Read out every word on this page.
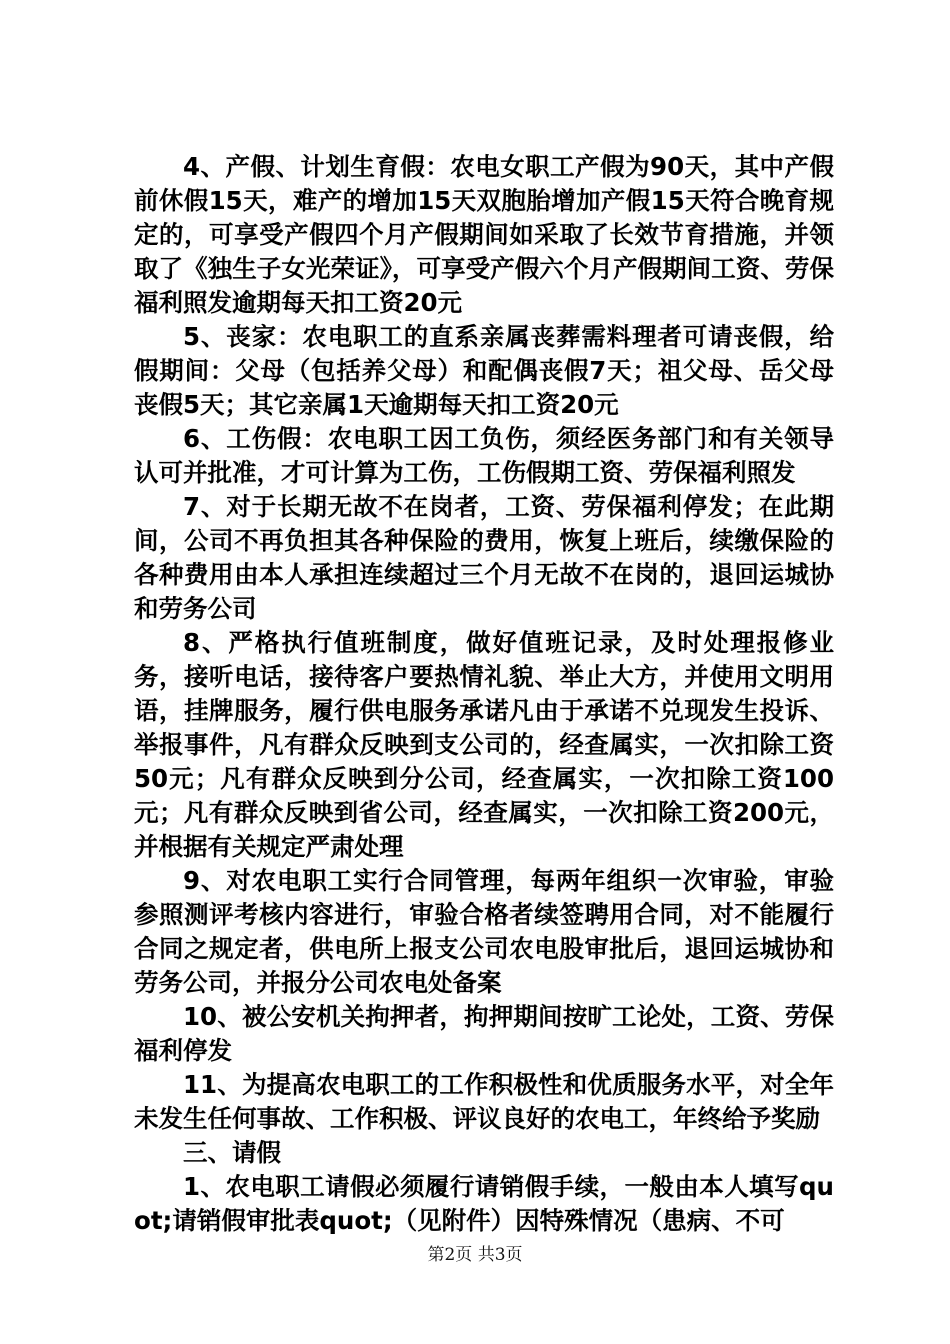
4、产假、计划生育假：农电女职工产假为90天，其中产假前休假15天，难产的增加15天双胞胎增加产假15天符合晚育规定的，可享受产假四个月产假期间如采取了长效节育措施，并领取了《独生子女光荣证》，可享受产假六个月产假期间工资、劳保福利照发逾期每天扣工资20元

5、丧家：农电职工的直系亲属丧葬需料理者可请丧假，给假期间：父母（包括养父母）和配偶丧假7天；祖父母、岳父母丧假5天；其它亲属1天逾期每天扣工资20元

6、工伤假：农电职工因工负伤，须经医务部门和有关领导认可并批准，才可计算为工伤，工伤假期工资、劳保福利照发

7、对于长期无故不在岗者，工资、劳保福利停发；在此期间，公司不再负担其各种保险的费用，恢复上班后，续缴保险的各种费用由本人承担连续超过三个月无故不在岗的，退回运城协和劳务公司

8、严格执行值班制度，做好值班记录，及时处理报修业务，接听电话，接待客户要热情礼貌、举止大方，并使用文明用语，挂牌服务，履行供电服务承诺凡由于承诺不兑现发生投诉、举报事件，凡有群众反映到支公司的，经查属实，一次扣除工资50元；凡有群众反映到分公司，经查属实，一次扣除工资100元；凡有群众反映到省公司，经查属实，一次扣除工资200元，并根据有关规定严肃处理

9、对农电职工实行合同管理，每两年组织一次审验，审验参照测评考核内容进行，审验合格者续签聘用合同，对不能履行合同之规定者，供电所上报支公司农电股审批后，退回运城协和劳务公司，并报分公司农电处备案

10、被公安机关拘押者，拘押期间按旷工论处，工资、劳保福利停发

11、为提高农电职工的工作积极性和优质服务水平，对全年未发生任何事故、工作积极、评议良好的农电工，年终给予奖励

三、请假

1、农电职工请假必须履行请销假手续，一般由本人填写quot;请销假审批表quot;（见附件）因特殊情况（患病、不可

第2页 共3页
